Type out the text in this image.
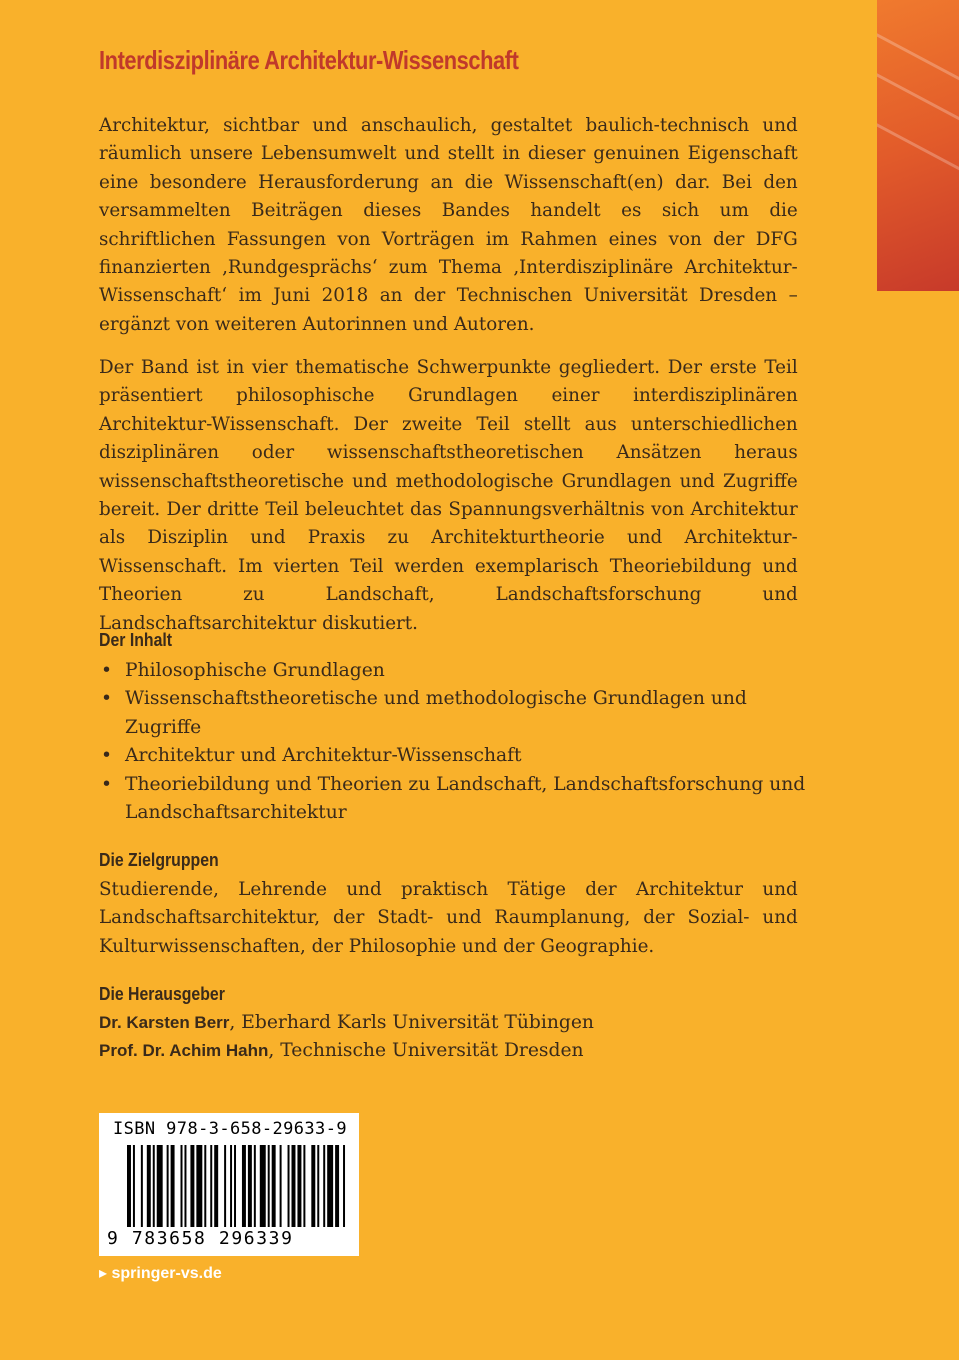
Interdisziplinäre Architektur-Wissenschaft
Architektur, sichtbar und anschaulich, gestaltet baulich-technisch und räumlich unsere Lebensumwelt und stellt in dieser genuinen Eigenschaft eine besondere Herausforderung an die Wissenschaft(en) dar. Bei den versammelten Beiträgen dieses Bandes handelt es sich um die schriftlichen Fassungen von Vorträgen im Rahmen eines von der DFG finanzierten ‚Rundgesprächs‘ zum Thema ‚Interdisziplinäre Architektur-Wissenschaft‘ im Juni 2018 an der Technischen Universität Dresden – ergänzt von weiteren Autorinnen und Autoren.
Der Band ist in vier thematische Schwerpunkte gegliedert. Der erste Teil präsentiert philosophische Grundlagen einer interdisziplinären Architektur-Wissenschaft. Der zweite Teil stellt aus unterschiedlichen disziplinären oder wissenschaftstheoretischen Ansätzen heraus wissenschaftstheoretische und methodologische Grundlagen und Zugriffe bereit. Der dritte Teil beleuchtet das Spannungsverhältnis von Architektur als Disziplin und Praxis zu Architekturtheorie und Architektur-Wissenschaft. Im vierten Teil werden exemplarisch Theoriebildung und Theorien zu Landschaft, Landschaftsforschung und Landschaftsarchitektur diskutiert.
Der Inhalt
• Philosophische Grundlagen
• Wissenschaftstheoretische und methodologische Grundlagen und Zugriffe
• Architektur und Architektur-Wissenschaft
• Theoriebildung und Theorien zu Landschaft, Landschaftsforschung und Landschaftsarchitektur
Die Zielgruppen
Studierende, Lehrende und praktisch Tätige der Architektur und Landschaftsarchitektur, der Stadt- und Raumplanung, der Sozial- und Kulturwissenschaften, der Philosophie und der Geographie.
Die Herausgeber
Dr. Karsten Berr, Eberhard Karls Universität Tübingen
Prof. Dr. Achim Hahn, Technische Universität Dresden
ISBN 978-3-658-29633-9
9 783658 296339
▸ springer-vs.de
